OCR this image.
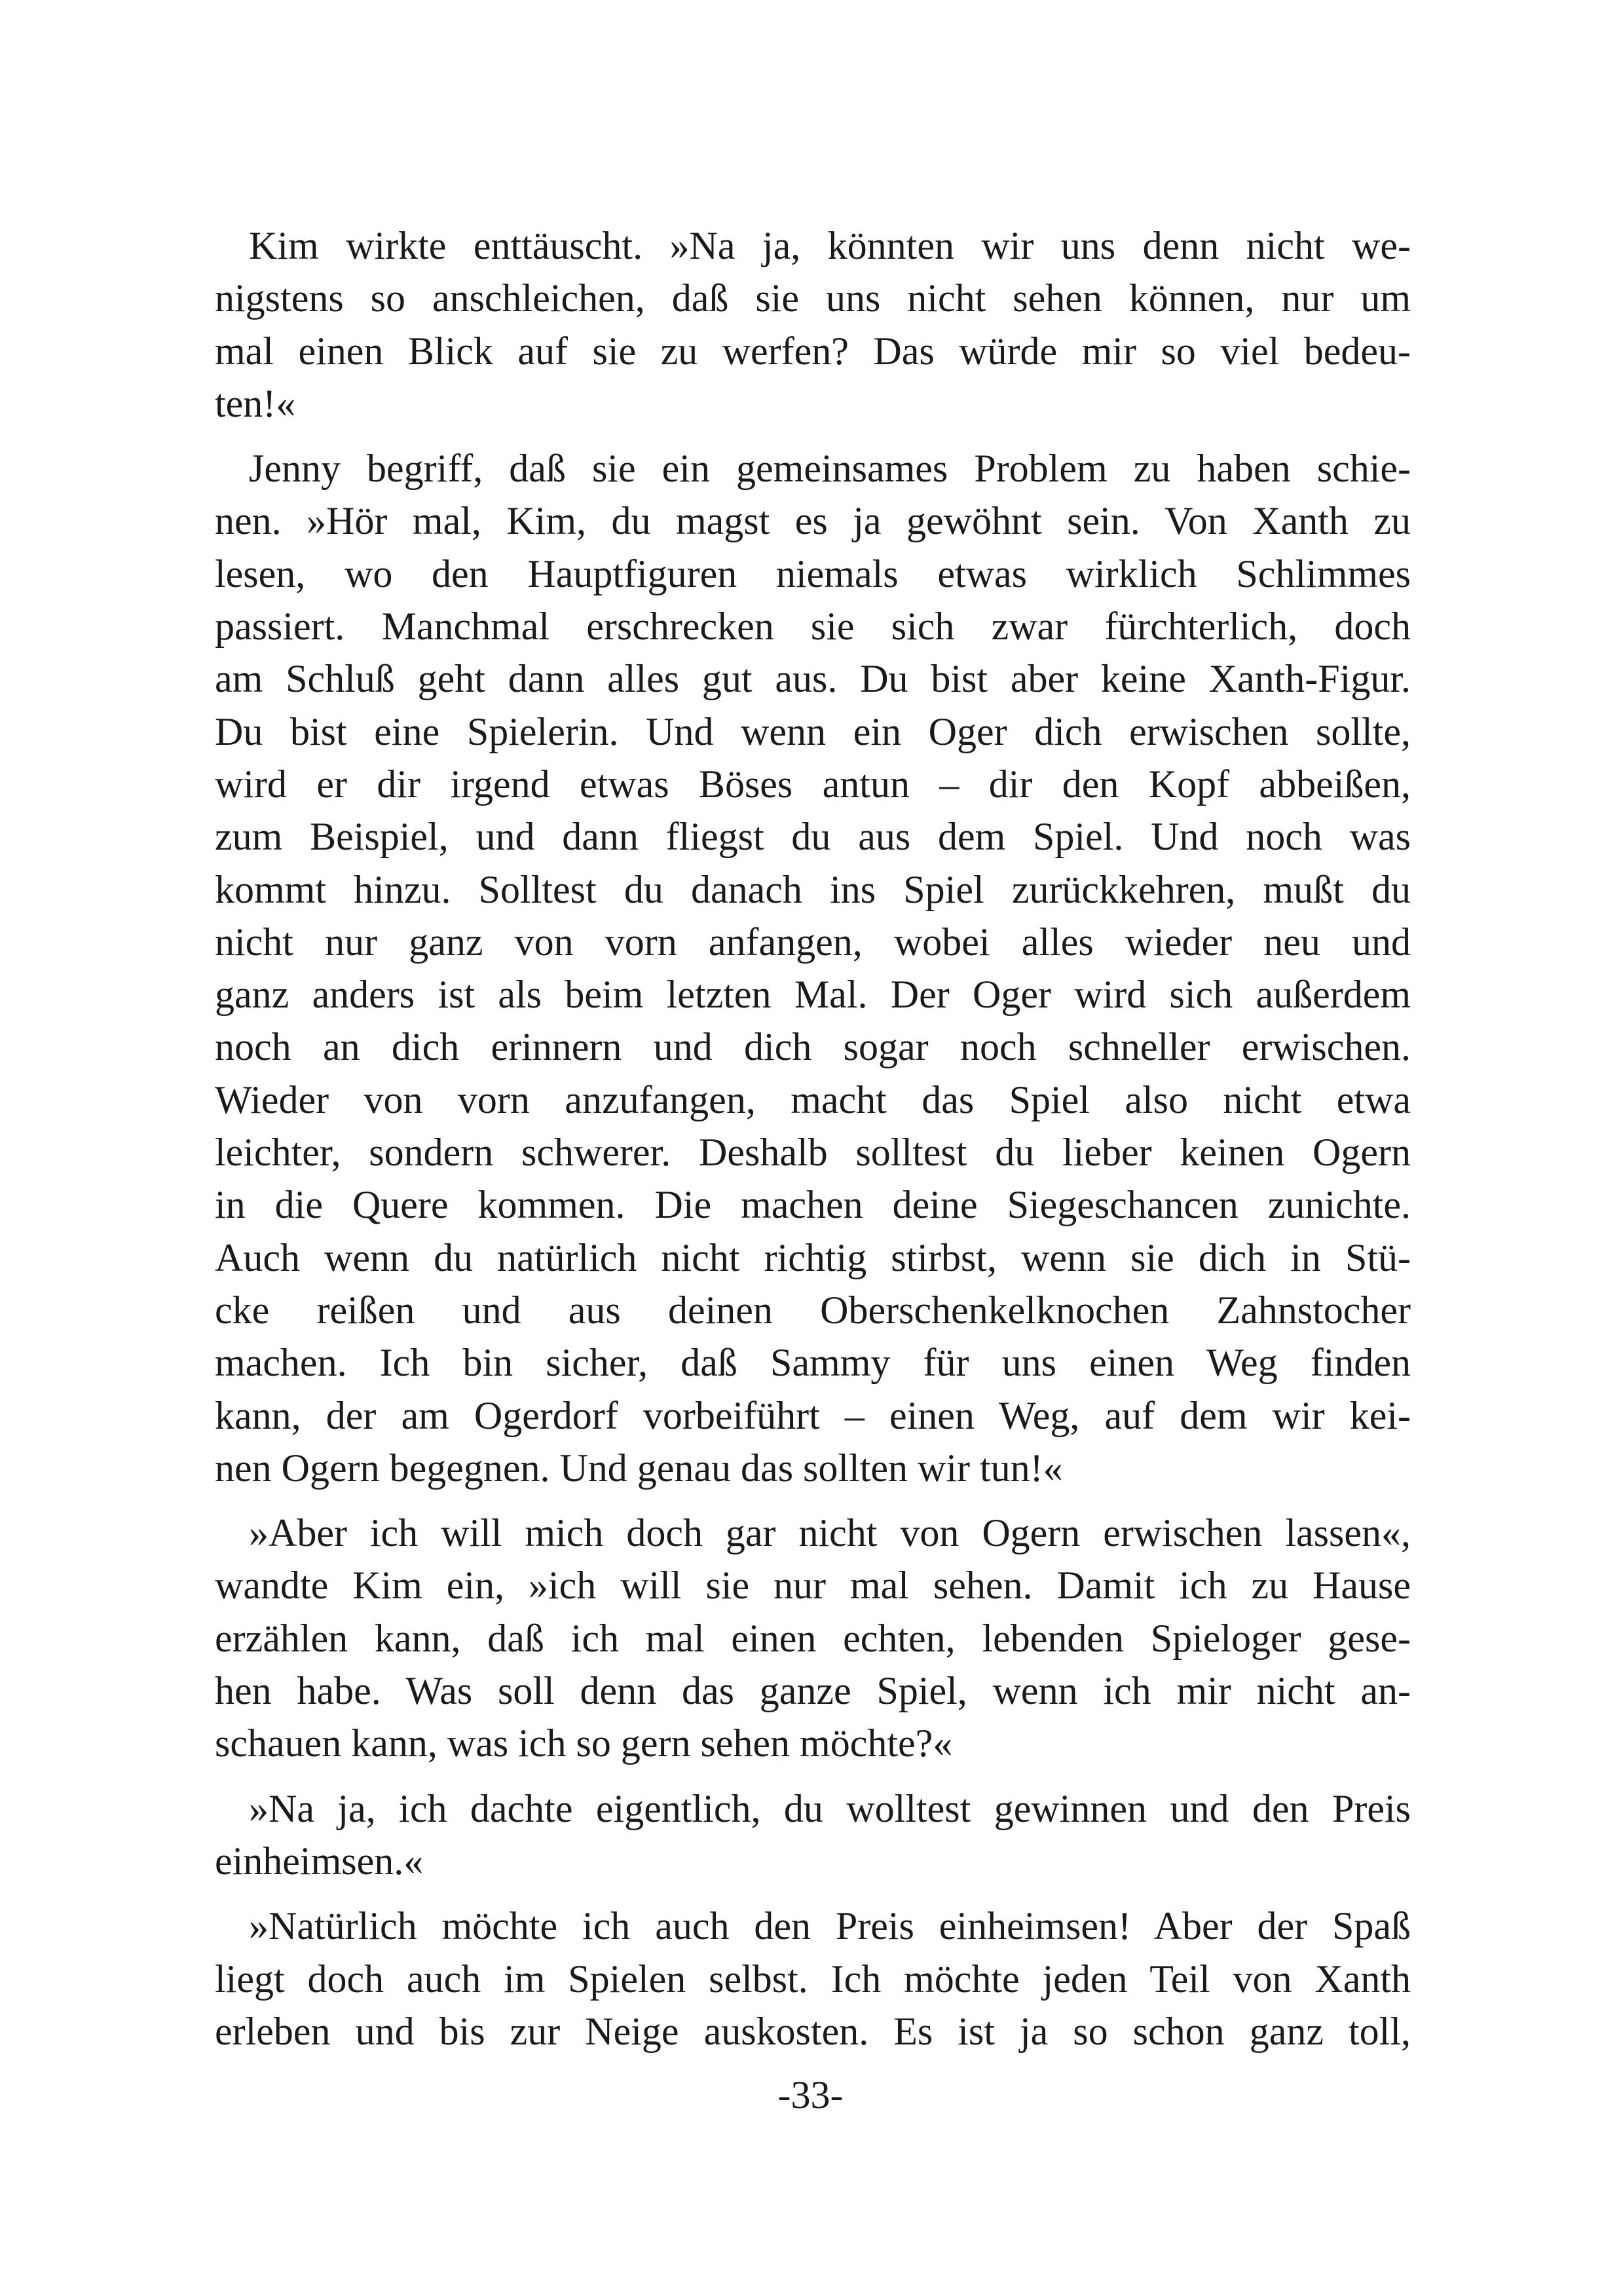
Kim wirkte enttäuscht. »Na ja, könnten wir uns denn nicht we-
nigstens so anschleichen, daß sie uns nicht sehen können, nur um
mal einen Blick auf sie zu werfen? Das würde mir so viel bedeu-
ten!«
Jenny begriff, daß sie ein gemeinsames Problem zu haben schie-
nen. »Hör mal, Kim, du magst es ja gewöhnt sein. Von Xanth zu
lesen, wo den Hauptfiguren niemals etwas wirklich Schlimmes
passiert. Manchmal erschrecken sie sich zwar fürchterlich, doch
am Schluß geht dann alles gut aus. Du bist aber keine Xanth-Figur.
Du bist eine Spielerin. Und wenn ein Oger dich erwischen sollte,
wird er dir irgend etwas Böses antun – dir den Kopf abbeißen,
zum Beispiel, und dann fliegst du aus dem Spiel. Und noch was
kommt hinzu. Solltest du danach ins Spiel zurückkehren, mußt du
nicht nur ganz von vorn anfangen, wobei alles wieder neu und
ganz anders ist als beim letzten Mal. Der Oger wird sich außerdem
noch an dich erinnern und dich sogar noch schneller erwischen.
Wieder von vorn anzufangen, macht das Spiel also nicht etwa
leichter, sondern schwerer. Deshalb solltest du lieber keinen Ogern
in die Quere kommen. Die machen deine Siegeschancen zunichte.
Auch wenn du natürlich nicht richtig stirbst, wenn sie dich in Stü-
cke reißen und aus deinen Oberschenkelknochen Zahnstocher
machen. Ich bin sicher, daß Sammy für uns einen Weg finden
kann, der am Ogerdorf vorbeiführt – einen Weg, auf dem wir kei-
nen Ogern begegnen. Und genau das sollten wir tun!«
»Aber ich will mich doch gar nicht von Ogern erwischen lassen«,
wandte Kim ein, »ich will sie nur mal sehen. Damit ich zu Hause
erzählen kann, daß ich mal einen echten, lebenden Spieloger gese-
hen habe. Was soll denn das ganze Spiel, wenn ich mir nicht an-
schauen kann, was ich so gern sehen möchte?«
»Na ja, ich dachte eigentlich, du wolltest gewinnen und den Preis
einheimsen.«
»Natürlich möchte ich auch den Preis einheimsen! Aber der Spaß
liegt doch auch im Spielen selbst. Ich möchte jeden Teil von Xanth
erleben und bis zur Neige auskosten. Es ist ja so schon ganz toll,
-33-
